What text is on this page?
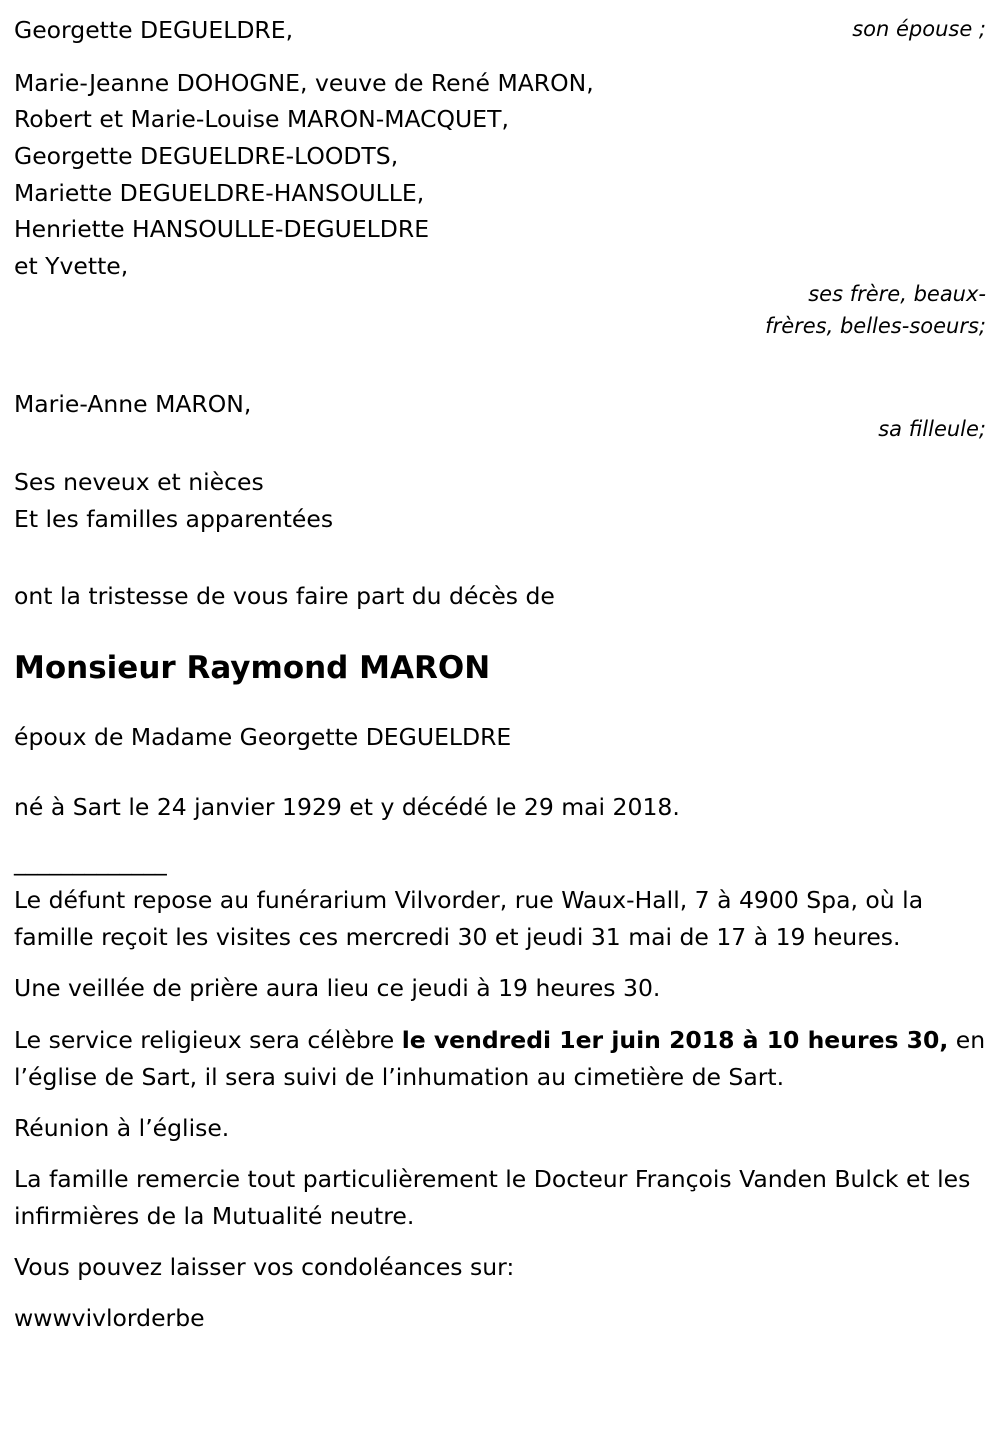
Georgette DEGUELDRE,	son épouse ;
Marie-Jeanne DOHOGNE, veuve de René MARON,
Robert et Marie-Louise MARON-MACQUET,
Georgette DEGUELDRE-LOODTS,
Mariette DEGUELDRE-HANSOULLE,
Henriette HANSOULLE-DEGUELDRE
et Yvette,
ses frère, beaux-frères, belles-soeurs;
Marie-Anne MARON,
sa filleule;
Ses neveux et nièces
Et les familles apparentées
ont la tristesse de vous faire part du décès de
Monsieur Raymond MARON
époux de Madame Georgette DEGUELDRE
né à Sart le 24 janvier 1929 et y décédé le 29 mai 2018.
_____________
Le défunt repose au funérarium Vilvorder, rue Waux-Hall, 7 à 4900 Spa, où la famille reçoit les visites ces mercredi 30 et jeudi 31 mai de 17 à 19 heures.
Une veillée de prière aura lieu ce jeudi à 19 heures 30.
Le service religieux sera célèbre le vendredi 1er juin 2018 à 10 heures 30, en l’église de Sart, il sera suivi de l’inhumation au cimetière de Sart.
Réunion à l’église.
La famille remercie tout particulièrement le Docteur François Vanden Bulck et les infirmières de la Mutualité neutre.
Vous pouvez laisser vos condoléances sur:
wwwvivlorderbe
